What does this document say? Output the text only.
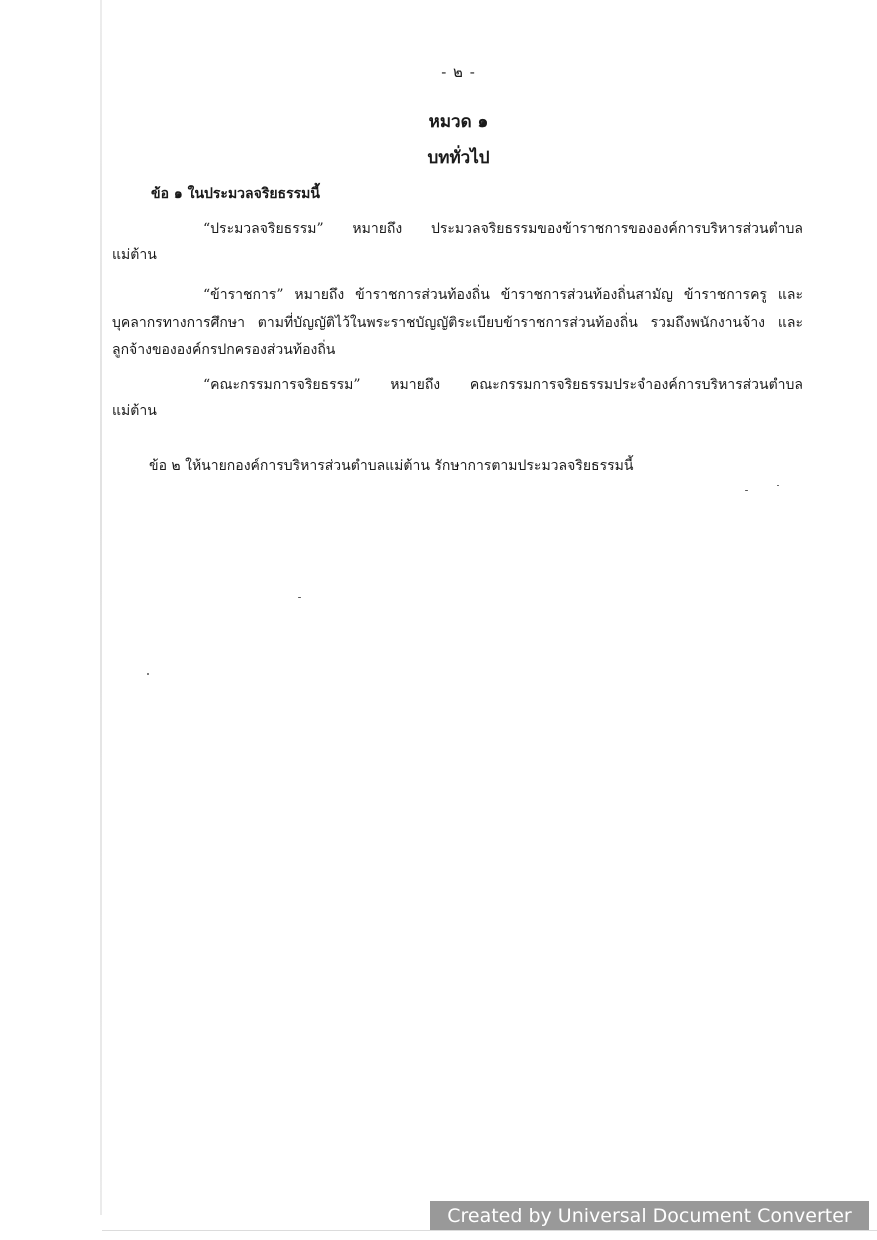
- ๒ -
หมวด ๑
บททั่วไป
ข้อ ๑ ในประมวลจริยธรรมนี้
“ประมวลจริยธรรม” หมายถึง ประมวลจริยธรรมของข้าราชการขององค์การบริหารส่วนตำบล
แม่ต้าน
“ข้าราชการ” หมายถึง ข้าราชการส่วนท้องถิ่น ข้าราชการส่วนท้องถิ่นสามัญ ข้าราชการครู และ
บุคลากรทางการศึกษา ตามที่บัญญัติไว้ในพระราชบัญญัติระเบียบข้าราชการส่วนท้องถิ่น รวมถึงพนักงานจ้าง และ
ลูกจ้างขององค์กรปกครองส่วนท้องถิ่น
“คณะกรรมการจริยธรรม” หมายถึง คณะกรรมการจริยธรรมประจำองค์การบริหารส่วนตำบล
แม่ต้าน
ข้อ ๒ ให้นายกองค์การบริหารส่วนตำบลแม่ต้าน รักษาการตามประมวลจริยธรรมนี้
Created by Universal Document Converter
